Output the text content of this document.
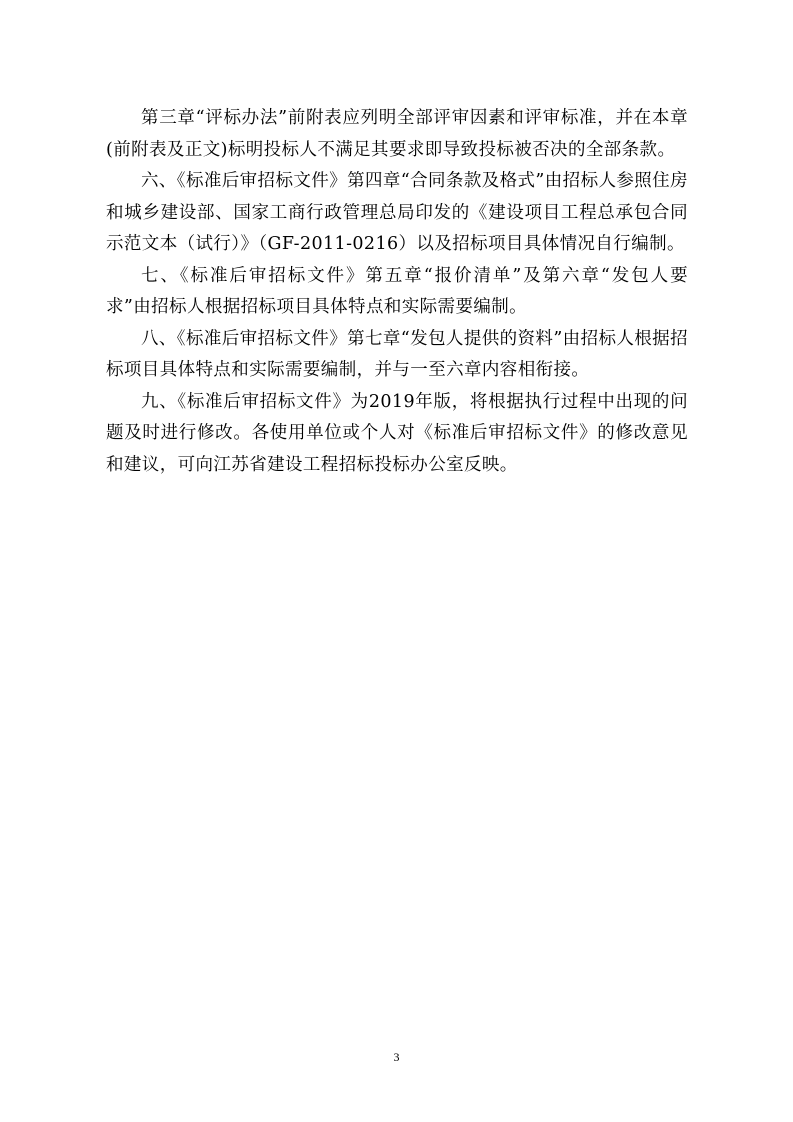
第三章“评标办法”前附表应列明全部评审因素和评审标准，并在本章(前附表及正文)标明投标人不满足其要求即导致投标被否决的全部条款。

六、《标准后审招标文件》第四章“合同条款及格式”由招标人参照住房和城乡建设部、国家工商行政管理总局印发的《建设项目工程总承包合同示范文本（试行）》（GF-2011-0216）以及招标项目具体情况自行编制。

七、《标准后审招标文件》第五章“报价清单”及第六章“发包人要求”由招标人根据招标项目具体特点和实际需要编制。

八、《标准后审招标文件》第七章“发包人提供的资料”由招标人根据招标项目具体特点和实际需要编制，并与一至六章内容相衔接。

九、《标准后审招标文件》为2019年版，将根据执行过程中出现的问题及时进行修改。各使用单位或个人对《标准后审招标文件》的修改意见和建议，可向江苏省建设工程招标投标办公室反映。

3
